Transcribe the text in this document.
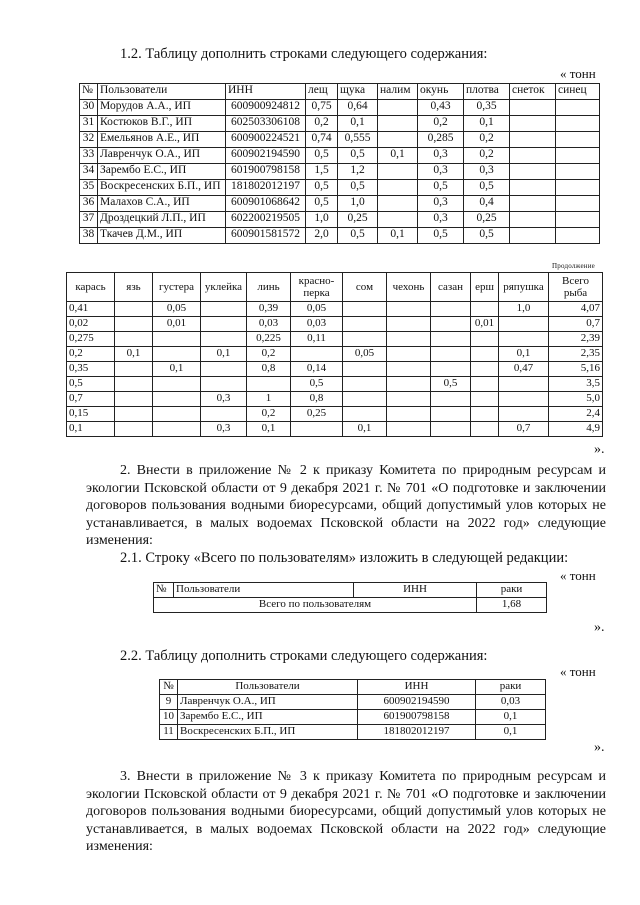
1.2. Таблицу дополнить строками следующего содержания:
« тонн
№	Пользователи	ИНН	лещ	щука	налим	окунь	плотва	снеток	синец
30	Морудов А.А., ИП	600900924812	0,75	0,64		0,43	0,35		
31	Костюков В.Г., ИП	602503306108	0,2	0,1		0,2	0,1		
32	Емельянов А.Е., ИП	600900224521	0,74	0,555		0,285	0,2		
33	Лавренчук О.А., ИП	600902194590	0,5	0,5	0,1	0,3	0,2		
34	Зарембо Е.С., ИП	601900798158	1,5	1,2		0,3	0,3		
35	Воскресенских Б.П., ИП	181802012197	0,5	0,5		0,5	0,5		
36	Малахов С.А., ИП	600901068642	0,5	1,0		0,3	0,4		
37	Дроздецкий Л.П., ИП	602200219505	1,0	0,25		0,3	0,25		
38	Ткачев Д.М., ИП	600901581572	2,0	0,5	0,1	0,5	0,5		
Продолжение
карась	язь	густера	уклейка	линь	красно-перка	сом	чехонь	сазан	ерш	ряпушка	Всего рыба
0,41		0,05		0,39	0,05					1,0	4,07
0,02		0,01		0,03	0,03				0,01		0,7
0,275				0,225	0,11						2,39
0,2	0,1		0,1	0,2		0,05				0,1	2,35
0,35		0,1		0,8	0,14					0,47	5,16
0,5					0,5			0,5			3,5
0,7			0,3	1	0,8						5,0
0,15				0,2	0,25						2,4
0,1			0,3	0,1		0,1				0,7	4,9
».
2. Внести в приложение № 2 к приказу Комитета по природным ресурсам и экологии Псковской области от 9 декабря 2021 г. № 701 «О подготовке и заключении договоров пользования водными биоресурсами, общий допустимый улов которых не устанавливается, в малых водоемах Псковской области на 2022 год» следующие изменения:
2.1. Строку «Всего по пользователям» изложить в следующей редакции:
« тонн
№	Пользователи	ИНН	раки
Всего по пользователям			1,68
».
2.2. Таблицу дополнить строками следующего содержания:
« тонн
№	Пользователи	ИНН	раки
9	Лавренчук О.А., ИП	600902194590	0,03
10	Зарембо Е.С., ИП	601900798158	0,1
11	Воскресенских Б.П., ИП	181802012197	0,1
».
3. Внести в приложение № 3 к приказу Комитета по природным ресурсам и экологии Псковской области от 9 декабря 2021 г. № 701 «О подготовке и заключении договоров пользования водными биоресурсами, общий допустимый улов которых не устанавливается, в малых водоемах Псковской области на 2022 год» следующие изменения:
